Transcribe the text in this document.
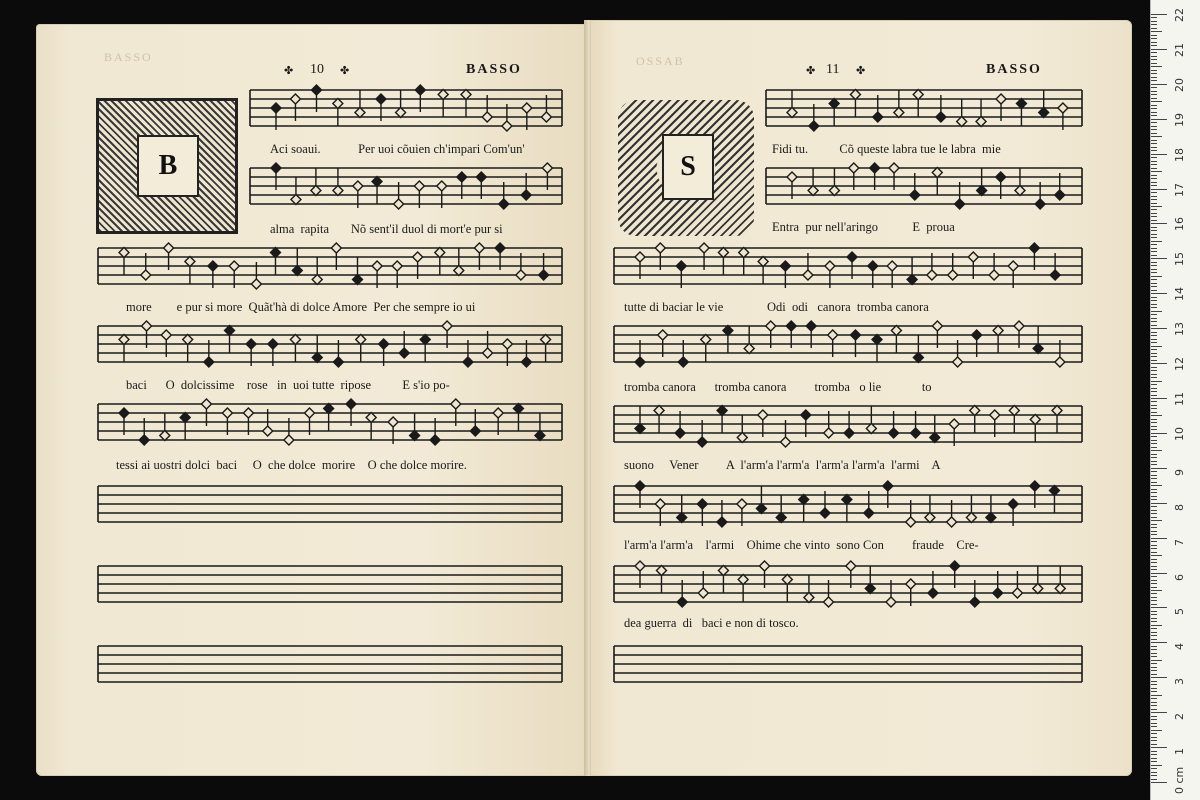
BASSO	OSSAB
✤ 10 ✤	BASSO	✤ 11 ✤	BASSO
B	S
Aci soaui.            Per uoi cõuien ch'impari Com'un'
alma  rapita       Nõ sent'il duol di mort'e pur si
more        e pur si more  Quãt'hà di dolce Amore  Per che sempre io ui
baci      O  dolcissime    rose   in  uoi tutte  ripose          E s'io po-
tessi ai uostri dolci  baci     O  che dolce  morire    O che dolce morire.
Fidi tu.          Cõ queste labra tue le labra  mie
Entra  pur nell'aringo           E  proua
tutte di baciar le vie              Odi  odi   canora  tromba canora
tromba canora      tromba canora         tromba   o lie             to
suono     Vener         A  l'arm'a l'arm'a  l'arm'a l'arm'a  l'armi    A
l'arm'a l'arm'a    l'armi    Ohime che vinto  sono Con         fraude    Cre-
dea guerra  di   baci e non di tosco.
0 cm
22
21
20
19
18
17
16
15
14
13
12
11
10
9
8
7
6
5
4
3
2
1
